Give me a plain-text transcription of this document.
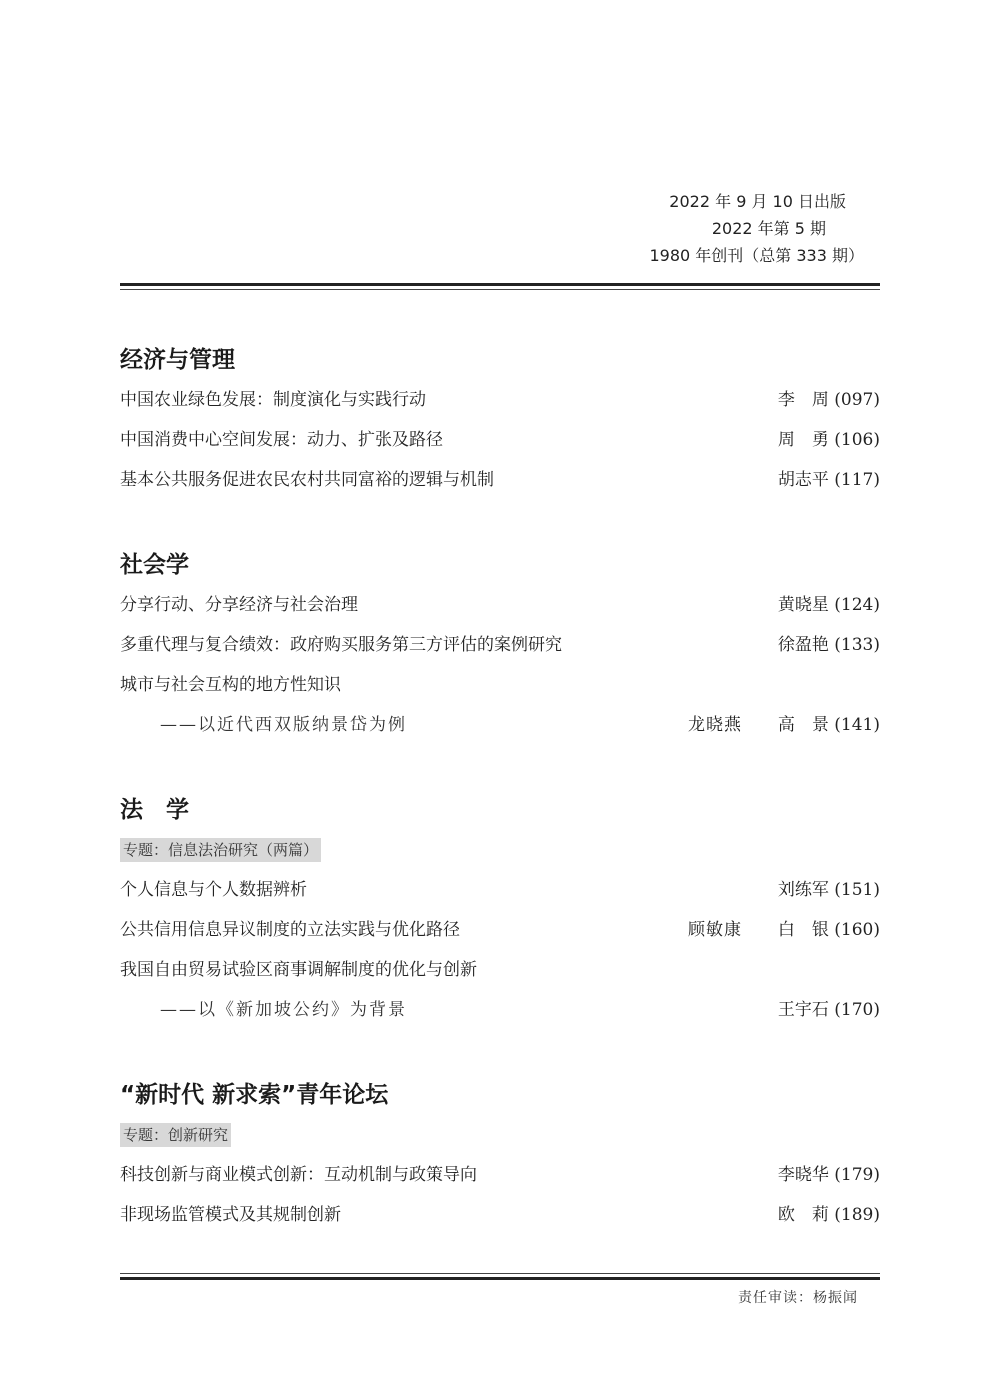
2022 年 9 月 10 日出版
2022 年第 5 期
1980 年创刊（总第 333 期）
经济与管理
中国农业绿色发展：制度演化与实践行动	李　周 (097)
中国消费中心空间发展：动力、扩张及路径	周　勇 (106)
基本公共服务促进农民农村共同富裕的逻辑与机制	胡志平 (117)
社会学
分享行动、分享经济与社会治理	黄晓星 (124)
多重代理与复合绩效：政府购买服务第三方评估的案例研究	徐盈艳 (133)
城市与社会互构的地方性知识
——以近代西双版纳景岱为例	龙晓燕 高　景 (141)
法　学
专题：信息法治研究（两篇）
个人信息与个人数据辨析	刘练军 (151)
公共信用信息异议制度的立法实践与优化路径	顾敏康 白　银 (160)
我国自由贸易试验区商事调解制度的优化与创新
——以《新加坡公约》为背景	王宇石 (170)
“新时代 新求索”青年论坛
专题：创新研究
科技创新与商业模式创新：互动机制与政策导向	李晓华 (179)
非现场监管模式及其规制创新	欧　莉 (189)
责任审读：杨振闻
